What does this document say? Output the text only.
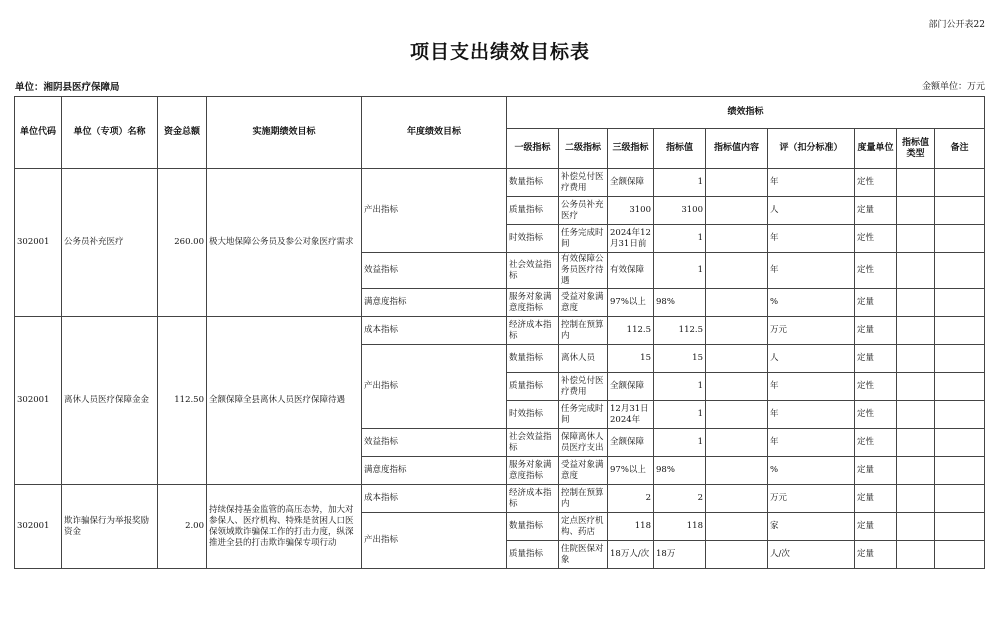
部门公开表22
项目支出绩效目标表
单位：湘阴县医疗保障局	金额单位：万元
单位代码	单位（专项）名称	资金总额	实施期绩效目标	年度绩效目标	绩效指标								
					一级指标	二级指标	三级指标	指标值	指标值内容	评（扣分标准）	度量单位	指标值类型	备注
302001	公务员补充医疗	260.00	极大地保障公务员及参公对象医疗需求	产出指标	数量指标	补偿兑付医疗费用	全额保障	1		年	定性		
					质量指标	公务员补充医疗	3100	3100		人	定量		
					时效指标	任务完成时间	2024年12月31日前	1		年	定性		
				效益指标	社会效益指标	有效保障公务员医疗待遇	有效保障	1		年	定性		
				满意度指标	服务对象满意度指标	受益对象满意度	97%以上	98%		%	定量		
302001	离休人员医疗保障金金	112.50	全额保障全县离休人员医疗保障待遇	成本指标	经济成本指标	控制在预算内	112.5	112.5		万元	定量		
				产出指标	数量指标	离休人员	15	15		人	定量		
					质量指标	补偿兑付医疗费用	全额保障	1		年	定性		
					时效指标	任务完成时间	12月31日2024年	1		年	定性		
				效益指标	社会效益指标	保障离休人员医疗支出	全额保障	1		年	定性		
				满意度指标	服务对象满意度指标	受益对象满意度	97%以上	98%		%	定量		
302001	欺诈骗保行为举报奖励资金	2.00	持续保持基金监管的高压态势，加大对参保人、医疗机构、特殊是贫困人口医保领域欺诈骗保工作的打击力度，纵深推进全县的打击欺诈骗保专项行动	成本指标	经济成本指标	控制在预算内	2	2		万元	定量		
				产出指标	数量指标	定点医疗机构、药店	118	118		家	定量		
					质量指标	住院医保对象	18万人/次	18万		人/次	定量		
